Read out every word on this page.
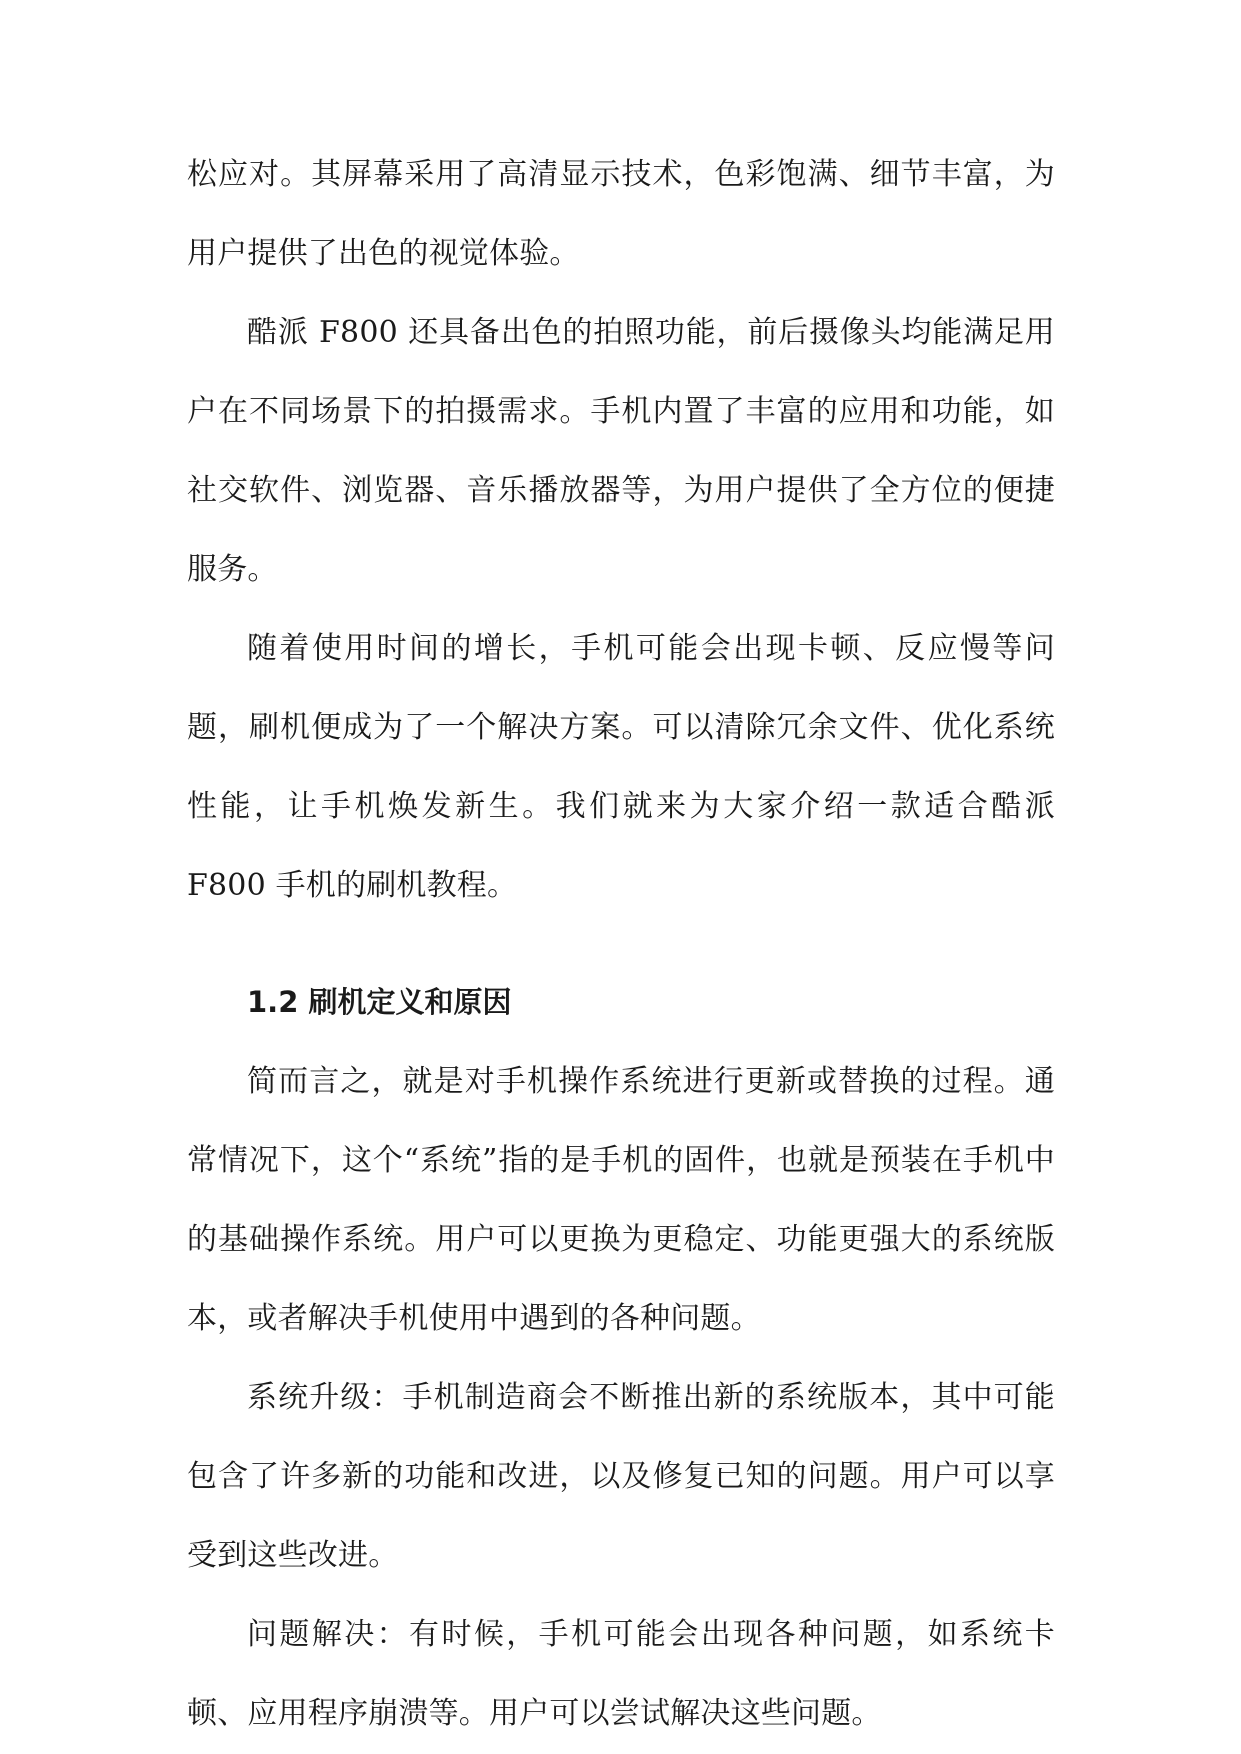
松应对。其屏幕采用了高清显示技术，色彩饱满、细节丰富，为用户提供了出色的视觉体验。

酷派 F800 还具备出色的拍照功能，前后摄像头均能满足用户在不同场景下的拍摄需求。手机内置了丰富的应用和功能，如社交软件、浏览器、音乐播放器等，为用户提供了全方位的便捷服务。

随着使用时间的增长，手机可能会出现卡顿、反应慢等问题，刷机便成为了一个解决方案。可以清除冗余文件、优化系统性能，让手机焕发新生。我们就来为大家介绍一款适合酷派 F800 手机的刷机教程。

1.2 刷机定义和原因

简而言之，就是对手机操作系统进行更新或替换的过程。通常情况下，这个“系统”指的是手机的固件，也就是预装在手机中的基础操作系统。用户可以更换为更稳定、功能更强大的系统版本，或者解决手机使用中遇到的各种问题。

系统升级：手机制造商会不断推出新的系统版本，其中可能包含了许多新的功能和改进，以及修复已知的问题。用户可以享受到这些改进。

问题解决：有时候，手机可能会出现各种问题，如系统卡顿、应用程序崩溃等。用户可以尝试解决这些问题。
